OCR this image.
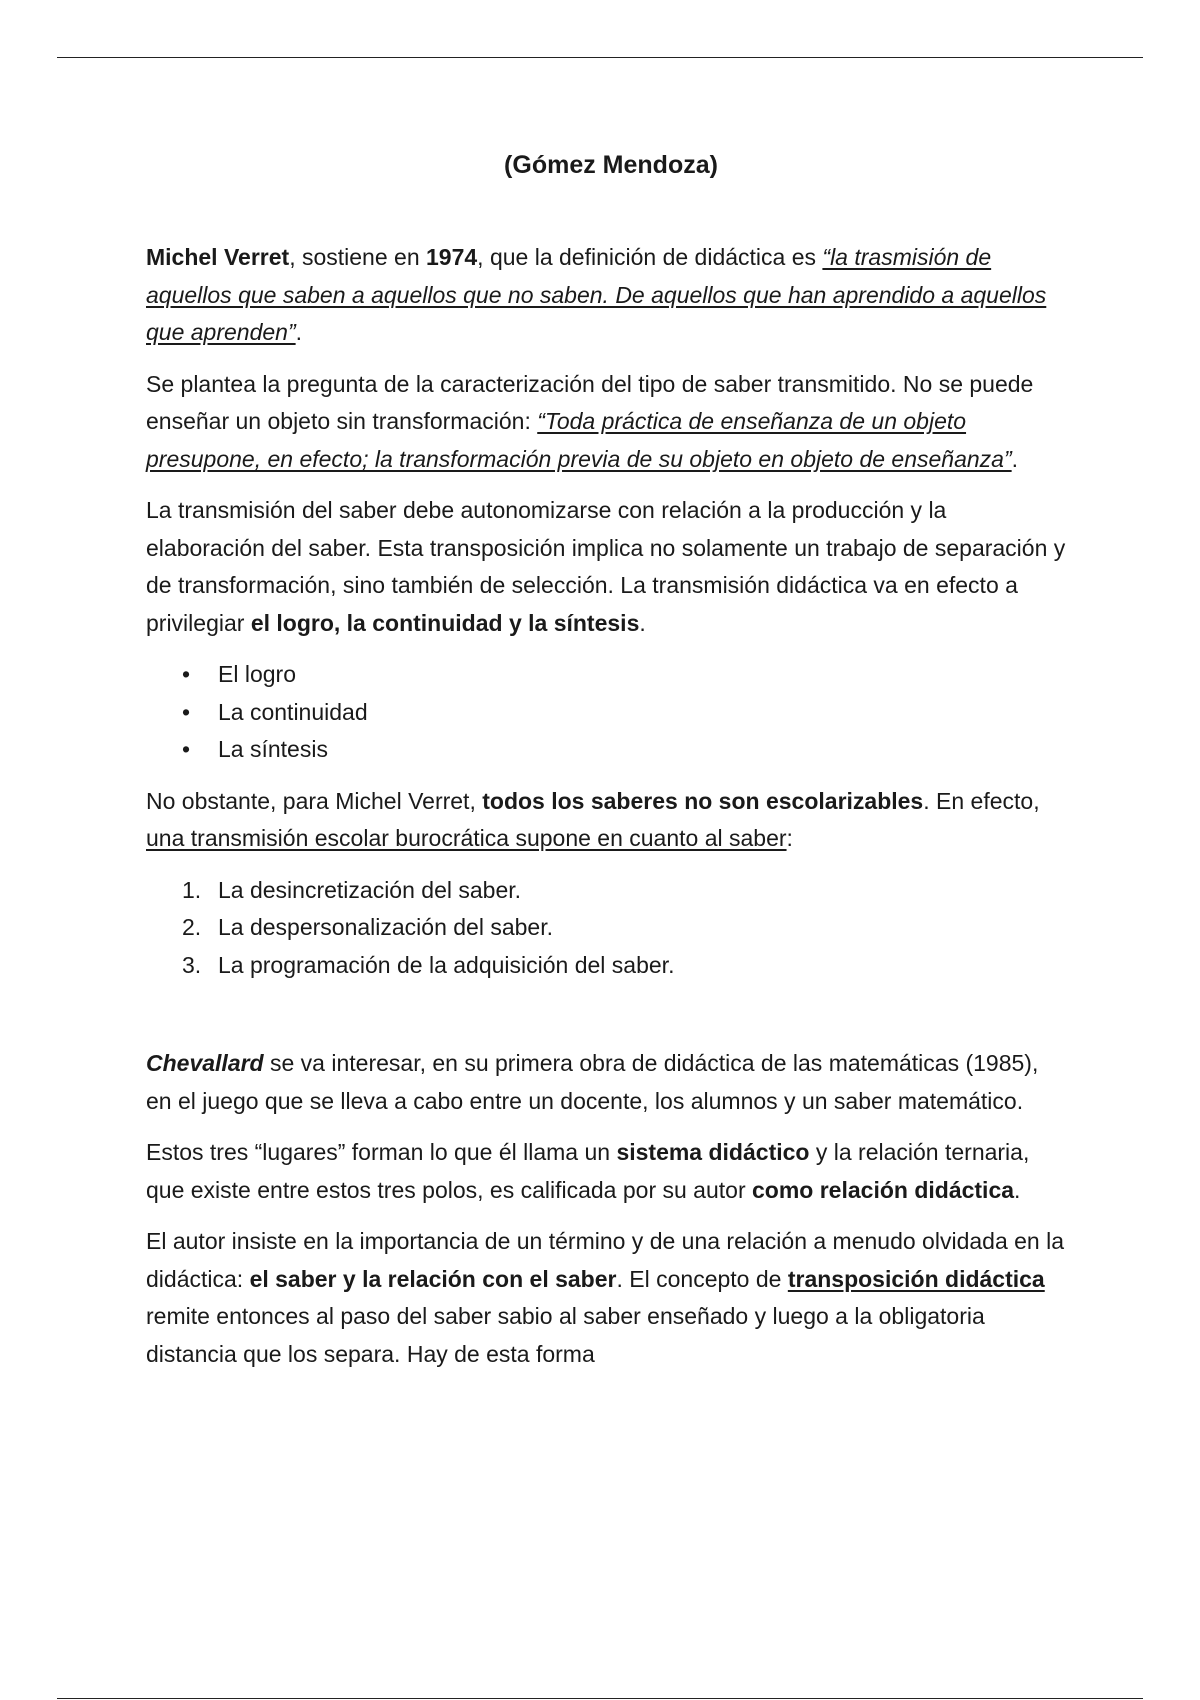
(Gómez Mendoza)

Michel Verret, sostiene en 1974, que la definición de didáctica es “la trasmisión de aquellos que saben a aquellos que no saben. De aquellos que han aprendido a aquellos que aprenden”.

Se plantea la pregunta de la caracterización del tipo de saber transmitido. No se puede enseñar un objeto sin transformación: “Toda práctica de enseñanza de un objeto presupone, en efecto; la transformación previa de su objeto en objeto de enseñanza”.

La transmisión del saber debe autonomizarse con relación a la producción y la elaboración del saber. Esta transposición implica no solamente un trabajo de separación y de transformación, sino también de selección. La transmisión didáctica va en efecto a privilegiar el logro, la continuidad y la síntesis.

• El logro
• La continuidad
• La síntesis

No obstante, para Michel Verret, todos los saberes no son escolarizables. En efecto, una transmisión escolar burocrática supone en cuanto al saber:

1. La desincretización del saber.
2. La despersonalización del saber.
3. La programación de la adquisición del saber.

Chevallard se va interesar, en su primera obra de didáctica de las matemáticas (1985), en el juego que se lleva a cabo entre un docente, los alumnos y un saber matemático.

Estos tres “lugares” forman lo que él llama un sistema didáctico y la relación ternaria, que existe entre estos tres polos, es calificada por su autor como relación didáctica.

El autor insiste en la importancia de un término y de una relación a menudo olvidada en la didáctica: el saber y la relación con el saber. El concepto de transposición didáctica remite entonces al paso del saber sabio al saber enseñado y luego a la obligatoria distancia que los separa. Hay de esta forma
